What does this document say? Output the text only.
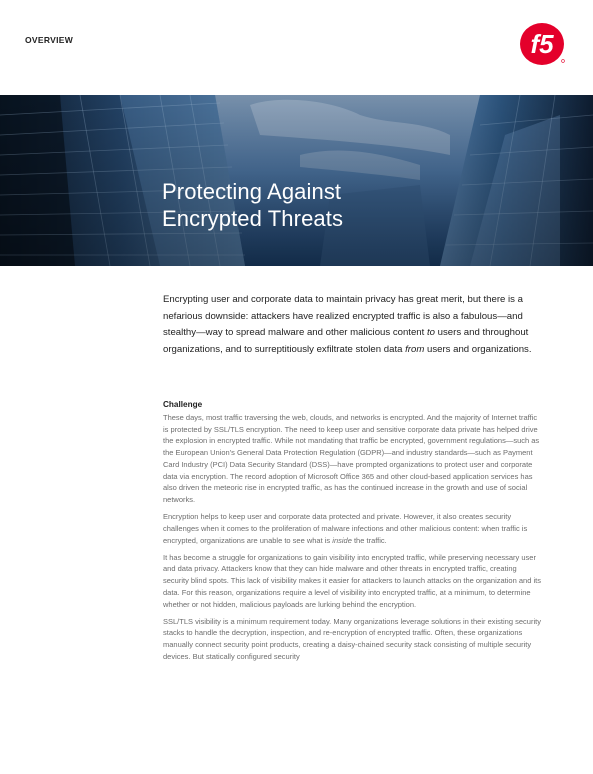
OVERVIEW	f5
Protecting Against
Encrypted Threats

Encrypting user and corporate data to maintain privacy has great merit, but there is a nefarious downside: attackers have realized encrypted traffic is also a fabulous—and stealthy—way to spread malware and other malicious content to users and throughout organizations, and to surreptitiously exfiltrate stolen data from users and organizations.

Challenge

These days, most traffic traversing the web, clouds, and networks is encrypted. And the majority of Internet traffic is protected by SSL/TLS encryption. The need to keep user and sensitive corporate data private has helped drive the explosion in encrypted traffic. While not mandating that traffic be encrypted, government regulations—such as the European Union's General Data Protection Regulation (GDPR)—and industry standards—such as Payment Card Industry (PCI) Data Security Standard (DSS)—have prompted organizations to protect user and corporate data via encryption. The record adoption of Microsoft Office 365 and other cloud-based application services has also driven the meteoric rise in encrypted traffic, as has the continued increase in the growth and use of social networks.

Encryption helps to keep user and corporate data protected and private. However, it also creates security challenges when it comes to the proliferation of malware infections and other malicious content: when traffic is encrypted, organizations are unable to see what is inside the traffic.

It has become a struggle for organizations to gain visibility into encrypted traffic, while preserving necessary user and data privacy. Attackers know that they can hide malware and other threats in encrypted traffic, creating security blind spots. This lack of visibility makes it easier for attackers to launch attacks on the organization and its data. For this reason, organizations require a level of visibility into encrypted traffic, at a minimum, to determine whether or not hidden, malicious payloads are lurking behind the encryption.

SSL/TLS visibility is a minimum requirement today. Many organizations leverage solutions in their existing security stacks to handle the decryption, inspection, and re-encryption of encrypted traffic. Often, these organizations manually connect security point products, creating a daisy-chained security stack consisting of multiple security devices. But statically configured security
